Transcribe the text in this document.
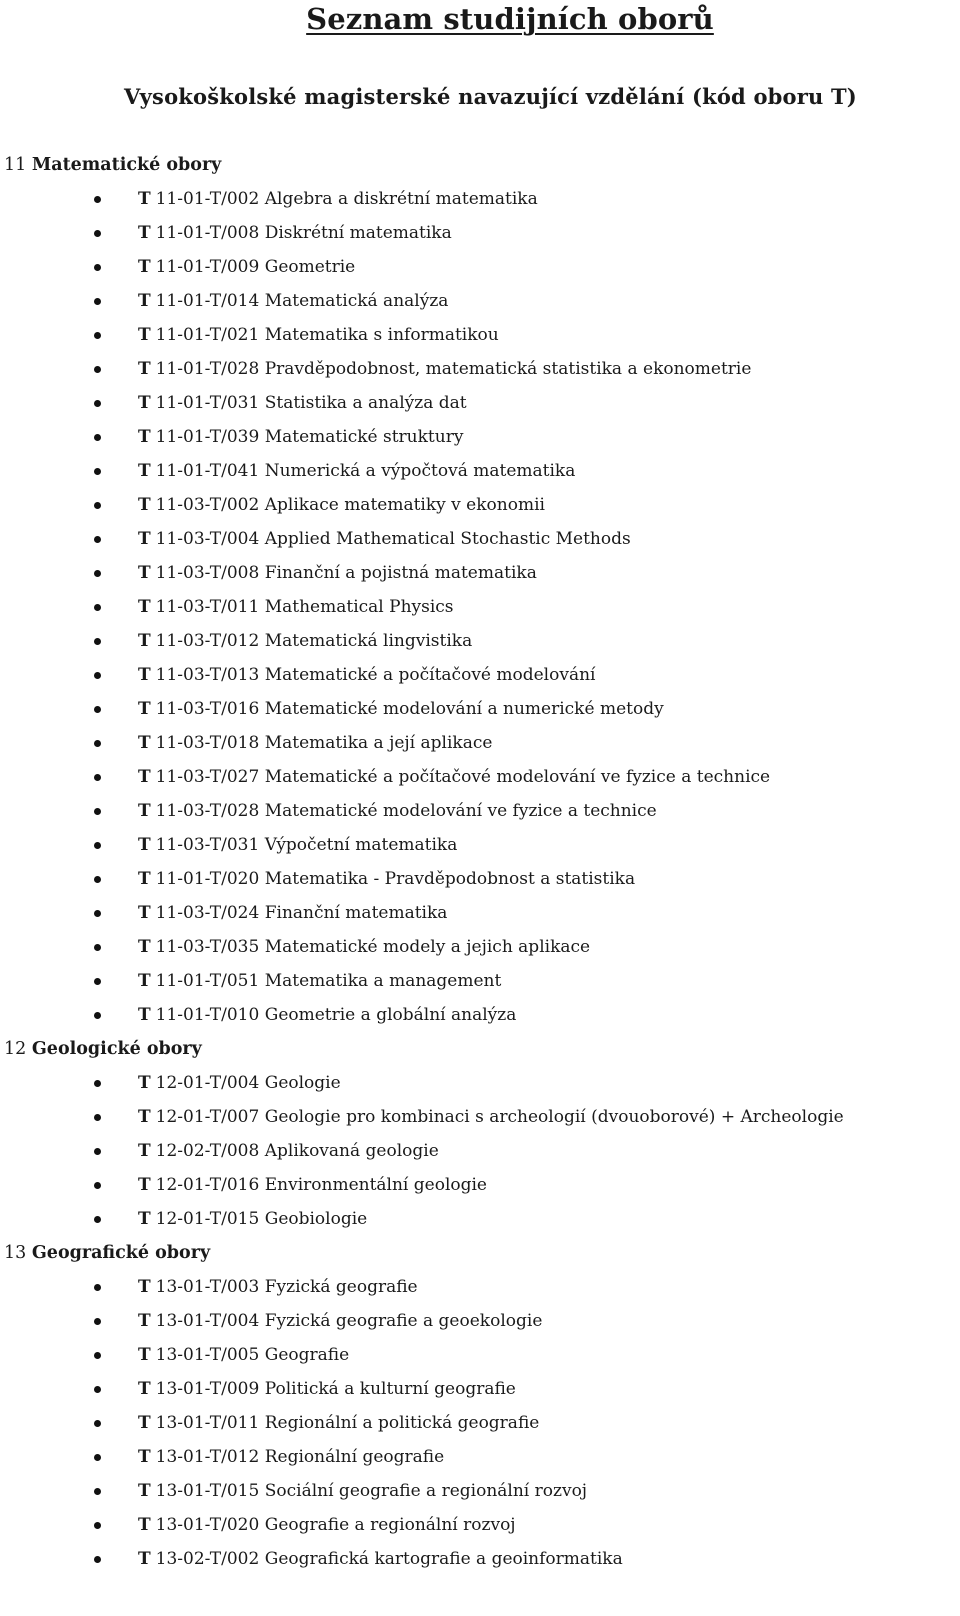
Seznam studijních oborů
Vysokoškolské magisterské navazující vzdělání (kód oboru T)
11 Matematické obory
T 11-01-T/002 Algebra a diskrétní matematika
T 11-01-T/008 Diskrétní matematika
T 11-01-T/009 Geometrie
T 11-01-T/014 Matematická analýza
T 11-01-T/021 Matematika s informatikou
T 11-01-T/028 Pravděpodobnost, matematická statistika a ekonometrie
T 11-01-T/031 Statistika a analýza dat
T 11-01-T/039 Matematické struktury
T 11-01-T/041 Numerická a výpočtová matematika
T 11-03-T/002 Aplikace matematiky v ekonomii
T 11-03-T/004 Applied Mathematical Stochastic Methods
T 11-03-T/008 Finanční a pojistná matematika
T 11-03-T/011 Mathematical Physics
T 11-03-T/012 Matematická lingvistika
T 11-03-T/013 Matematické a počítačové modelování
T 11-03-T/016 Matematické modelování a numerické metody
T 11-03-T/018 Matematika a její aplikace
T 11-03-T/027 Matematické a počítačové modelování ve fyzice a technice
T 11-03-T/028 Matematické modelování ve fyzice a technice
T 11-03-T/031 Výpočetní matematika
T 11-01-T/020 Matematika - Pravděpodobnost a statistika
T 11-03-T/024 Finanční matematika
T 11-03-T/035 Matematické modely a jejich aplikace
T 11-01-T/051 Matematika a management
T 11-01-T/010 Geometrie a globální analýza
12 Geologické obory
T 12-01-T/004 Geologie
T 12-01-T/007 Geologie pro kombinaci s archeologií (dvouoborové) + Archeologie
T 12-02-T/008 Aplikovaná geologie
T 12-01-T/016 Environmentální geologie
T 12-01-T/015 Geobiologie
13 Geografické obory
T 13-01-T/003 Fyzická geografie
T 13-01-T/004 Fyzická geografie a geoekologie
T 13-01-T/005 Geografie
T 13-01-T/009 Politická a kulturní geografie
T 13-01-T/011 Regionální a politická geografie
T 13-01-T/012 Regionální geografie
T 13-01-T/015 Sociální geografie a regionální rozvoj
T 13-01-T/020 Geografie a regionální rozvoj
T 13-02-T/002 Geografická kartografie a geoinformatika
